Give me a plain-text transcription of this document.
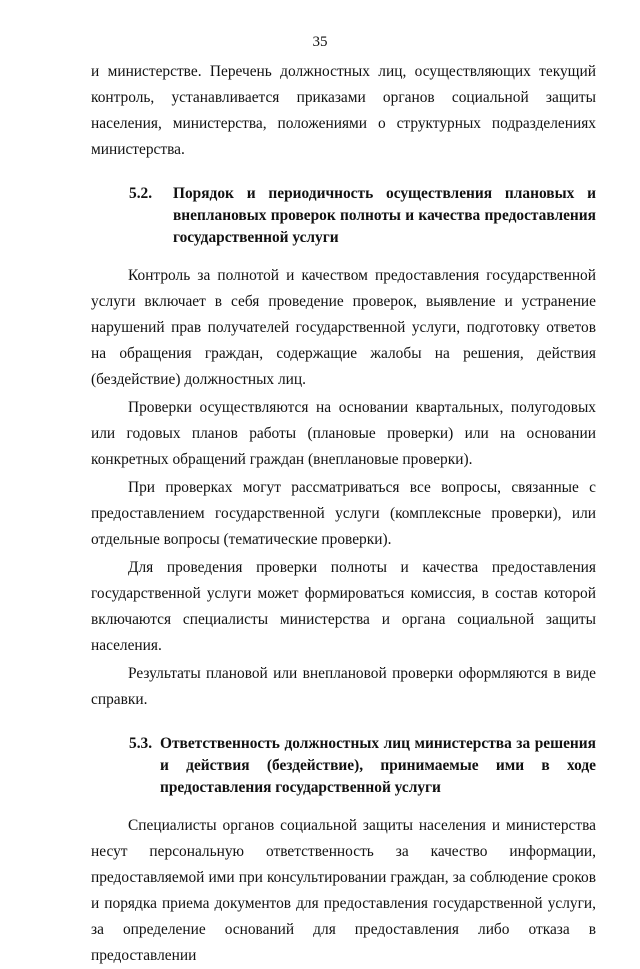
35

и министерстве. Перечень должностных лиц, осуществляющих текущий контроль, устанавливается приказами органов социальной защиты населения, министерства, положениями о структурных подразделениях министерства.

5.2.	Порядок и периодичность осуществления плановых и внеплановых проверок полноты и качества предоставления государственной услуги

Контроль за полнотой и качеством предоставления государственной услуги включает в себя проведение проверок, выявление и устранение нарушений прав получателей государственной услуги, подготовку ответов на обращения граждан, содержащие жалобы на решения, действия (бездействие) должностных лиц.

Проверки осуществляются на основании квартальных, полугодовых или годовых планов работы (плановые проверки) или на основании конкретных обращений граждан (внеплановые проверки).

При проверках могут рассматриваться все вопросы, связанные с предоставлением государственной услуги (комплексные проверки), или отдельные вопросы (тематические проверки).

Для проведения проверки полноты и качества предоставления государственной услуги может формироваться комиссия, в состав которой включаются специалисты министерства и органа социальной защиты населения.

Результаты плановой или внеплановой проверки оформляются в виде справки.

5.3. Ответственность должностных лиц министерства за решения и действия (бездействие), принимаемые ими в ходе предоставления государственной услуги

Специалисты органов социальной защиты населения и министерства несут персональную ответственность за качество информации, предоставляемой ими при консультировании граждан, за соблюдение сроков и порядка приема документов для предоставления государственной услуги, за определение оснований для предоставления либо отказа в предоставлении
